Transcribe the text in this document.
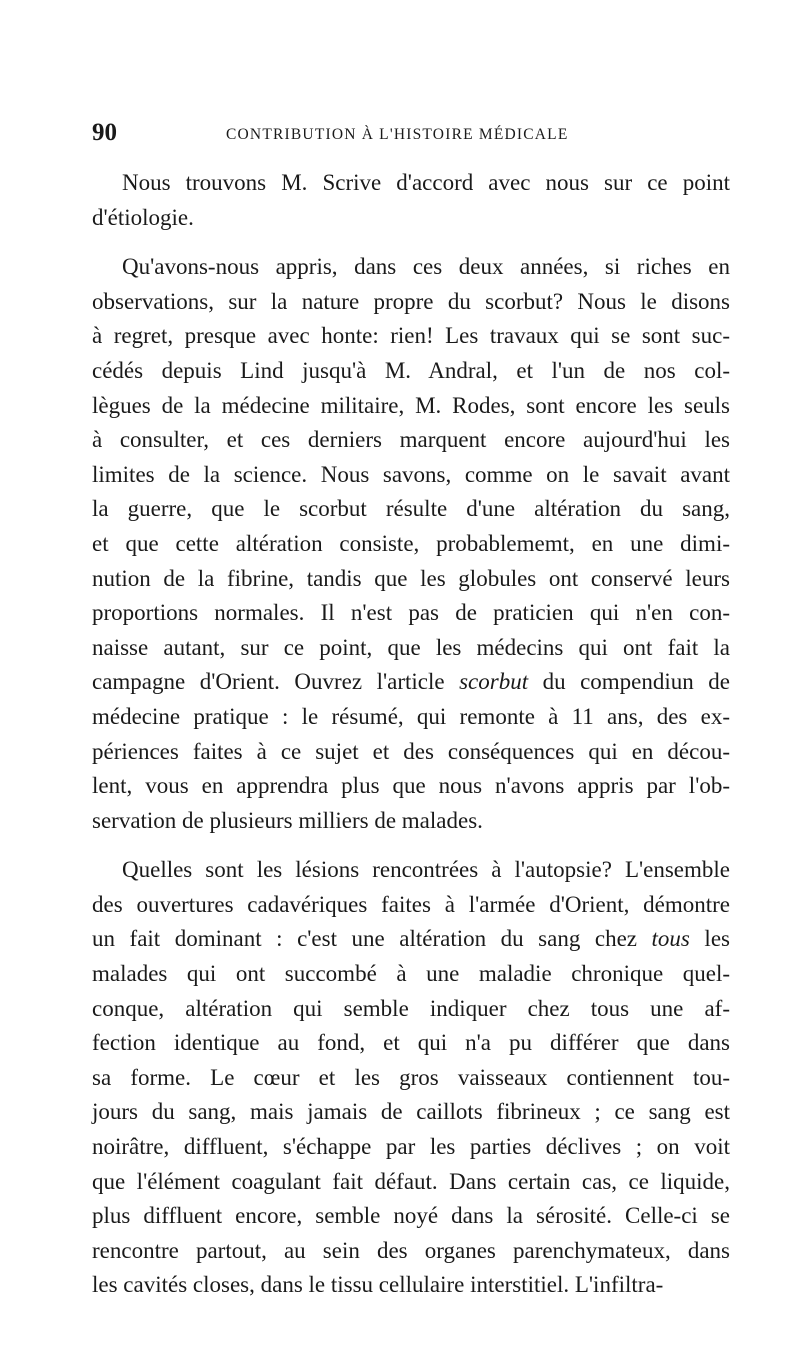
90	CONTRIBUTION À L'HISTOIRE MÉDICALE

Nous trouvons M. Scrive d'accord avec nous sur ce point
d'étiologie.

Qu'avons-nous appris, dans ces deux années, si riches en
observations, sur la nature propre du scorbut? Nous le disons
à regret, presque avec honte: rien! Les travaux qui se sont suc-
cédés depuis Lind jusqu'à M. Andral, et l'un de nos col-
lègues de la médecine militaire, M. Rodes, sont encore les seuls
à consulter, et ces derniers marquent encore aujourd'hui les
limites de la science. Nous savons, comme on le savait avant
la guerre, que le scorbut résulte d'une altération du sang,
et que cette altération consiste, probablememt, en une dimi-
nution de la fibrine, tandis que les globules ont conservé leurs
proportions normales. Il n'est pas de praticien qui n'en con-
naisse autant, sur ce point, que les médecins qui ont fait la
campagne d'Orient. Ouvrez l'article scorbut du compendiun de
médecine pratique : le résumé, qui remonte à 11 ans, des ex-
périences faites à ce sujet et des conséquences qui en décou-
lent, vous en apprendra plus que nous n'avons appris par l'ob-
servation de plusieurs milliers de malades.

Quelles sont les lésions rencontrées à l'autopsie? L'ensemble
des ouvertures cadavériques faites à l'armée d'Orient, démontre
un fait dominant : c'est une altération du sang chez tous les
malades qui ont succombé à une maladie chronique quel-
conque, altération qui semble indiquer chez tous une af-
fection identique au fond, et qui n'a pu différer que dans
sa forme. Le cœur et les gros vaisseaux contiennent tou-
jours du sang, mais jamais de caillots fibrineux ; ce sang est
noirâtre, diffluent, s'échappe par les parties déclives ; on voit
que l'élément coagulant fait défaut. Dans certain cas, ce liquide,
plus diffluent encore, semble noyé dans la sérosité. Celle-ci se
rencontre partout, au sein des organes parenchymateux, dans
les cavités closes, dans le tissu cellulaire interstitiel. L'infiltra-
